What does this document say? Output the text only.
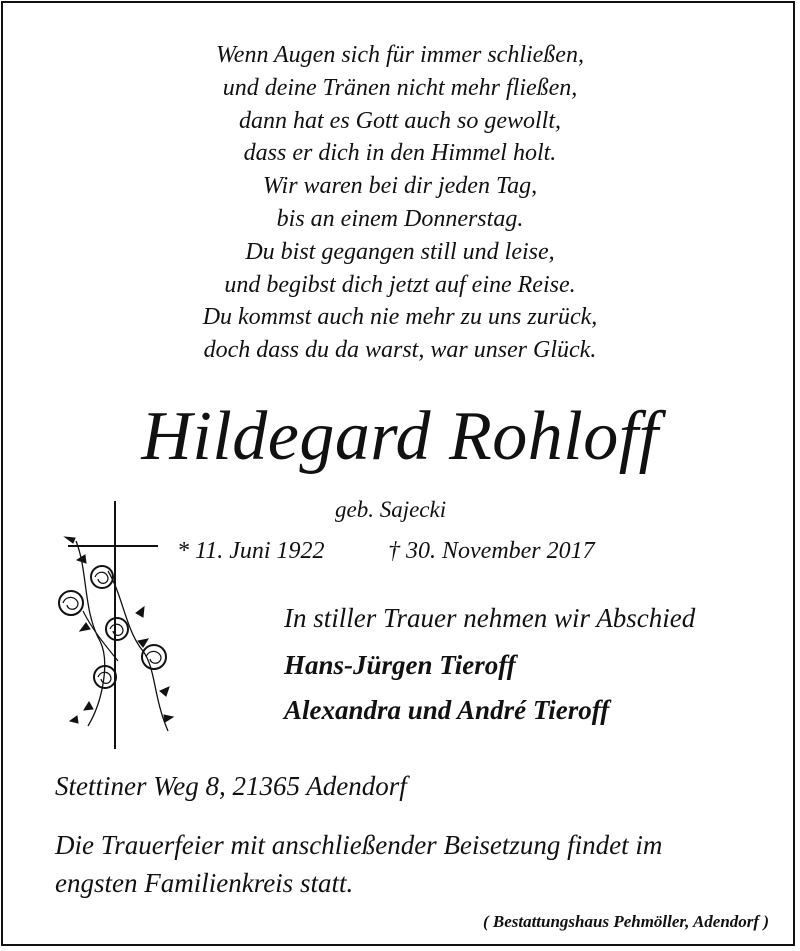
Wenn Augen sich für immer schließen,
und deine Tränen nicht mehr fließen,
dann hat es Gott auch so gewollt,
dass er dich in den Himmel holt.
Wir waren bei dir jeden Tag,
bis an einem Donnerstag.
Du bist gegangen still und leise,
und begibst dich jetzt auf eine Reise.
Du kommst auch nie mehr zu uns zurück,
doch dass du da warst, war unser Glück.
Hildegard Rohloff
geb. Sajecki
* 11. Juni 1922	† 30. November 2017
In stiller Trauer nehmen wir Abschied
Hans-Jürgen Tieroff
Alexandra und André Tieroff
Stettiner Weg 8, 21365 Adendorf
Die Trauerfeier mit anschließender Beisetzung findet im
engsten Familienkreis statt.
( Bestattungshaus Pehmöller, Adendorf )
